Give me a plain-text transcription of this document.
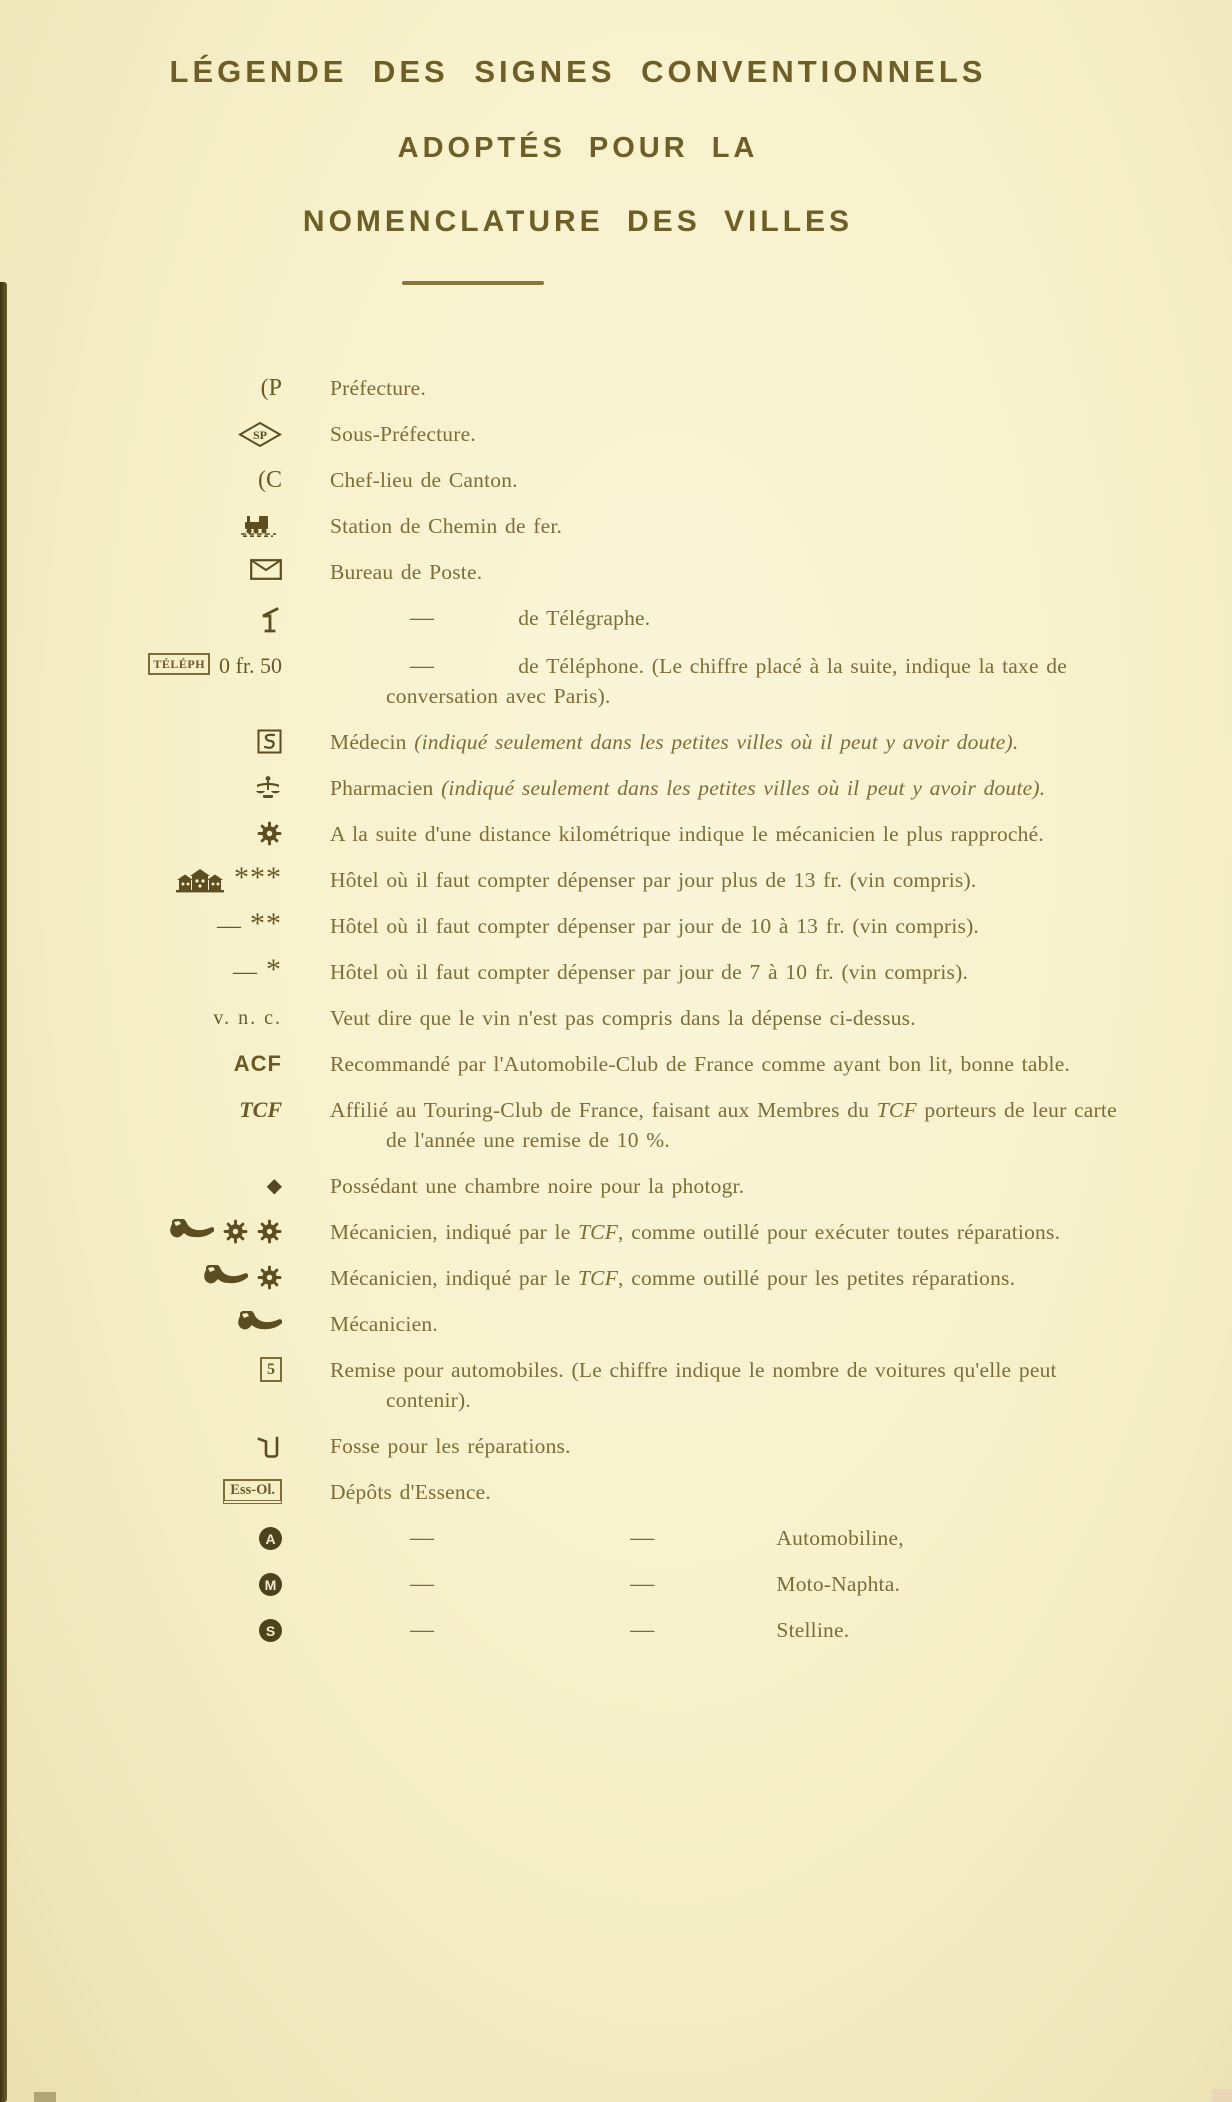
LÉGENDE DES SIGNES CONVENTIONNELS
ADOPTÉS POUR LA
NOMENCLATURE DES VILLES
(P Préfecture.
SP	Sous-Préfecture.
(C Chef-lieu de Canton.
Station de Chemin de fer.
Bureau de Poste.
—	de Télégraphe.
TÉLÉPH 0 fr. 50	—	de Téléphone. (Le chiffre placé à la suite, indique la taxe de conversation avec Paris).
Médecin (indiqué seulement dans les petites villes où il peut y avoir doute).
Pharmacien (indiqué seulement dans les petites villes où il peut y avoir doute).
A la suite d'une distance kilométrique indique le mécanicien le plus rapproché.
*** Hôtel où il faut compter dépenser par jour plus de 13 fr. (vin compris).
— ** Hôtel où il faut compter dépenser par jour de 10 à 13 fr. (vin compris).
— * Hôtel où il faut compter dépenser par jour de 7 à 10 fr. (vin compris).
v. n. c. Veut dire que le vin n'est pas compris dans la dépense ci-dessus.
ACF Recommandé par l'Automobile-Club de France comme ayant bon lit, bonne table.
TCF Affilié au Touring-Club de France, faisant aux Membres du TCF porteurs de leur carte de l'année une remise de 10 %.
◆ Possédant une chambre noire pour la photogr.
Mécanicien, indiqué par le TCF, comme outillé pour exécuter toutes réparations.
Mécanicien, indiqué par le TCF, comme outillé pour les petites réparations.
Mécanicien.
5	Remise pour automobiles. (Le chiffre indique le nombre de voitures qu'elle peut contenir).
Fosse pour les réparations.
Ess-Ol.	Dépôts d'Essence.
A	—	—	Automobiline,
M	—	—	Moto-Naphta.
S	—	—	Stelline.
